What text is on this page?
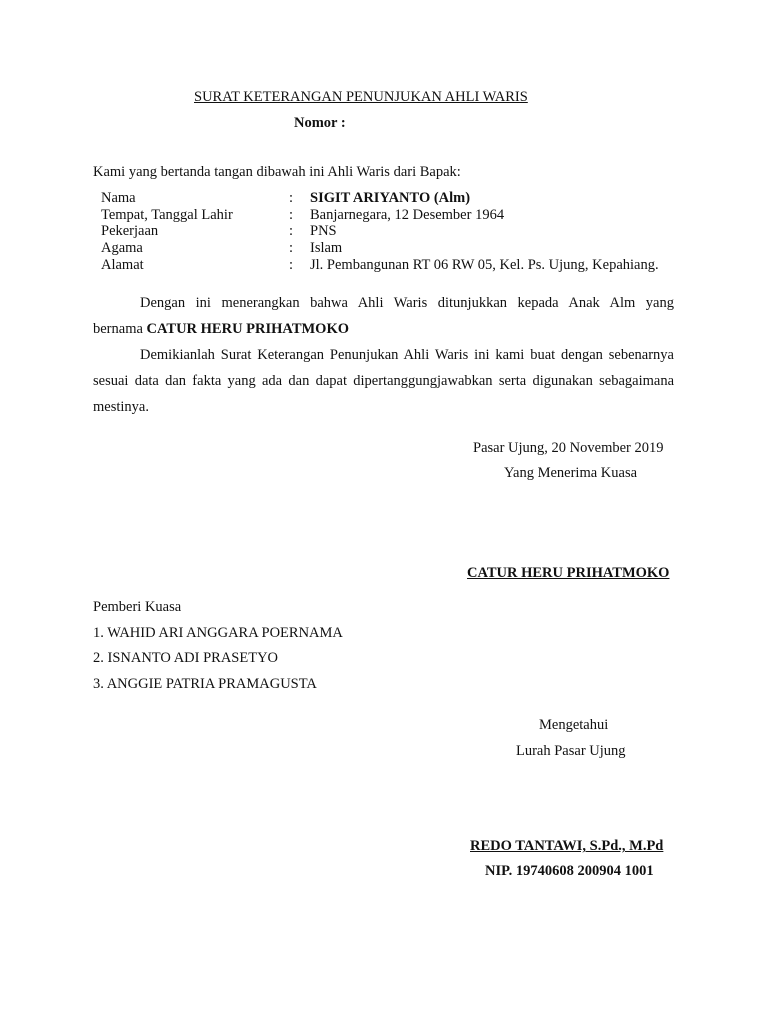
SURAT KETERANGAN PENUNJUKAN AHLI WARIS
Nomor :
Kami yang bertanda tangan dibawah ini Ahli Waris dari Bapak:
Nama	: SIGIT ARIYANTO (Alm)
Tempat, Tanggal Lahir	: Banjarnegara, 12 Desember 1964
Pekerjaan	: PNS
Agama	: Islam
Alamat	: Jl. Pembangunan RT 06 RW 05, Kel. Ps. Ujung, Kepahiang.

Dengan ini menerangkan bahwa Ahli Waris ditunjukkan kepada Anak Alm yang

bernama CATUR HERU PRIHATMOKO

Demikianlah Surat Keterangan Penunjukan Ahli Waris ini kami buat dengan sebenarnya sesuai data dan fakta yang ada dan dapat dipertanggungjawabkan serta digunakan sebagaimana mestinya.

Pasar Ujung, 20 November 2019
Yang Menerima Kuasa
CATUR HERU PRIHATMOKO
Pemberi Kuasa
1. WAHID ARI ANGGARA POERNAMA
2. ISNANTO ADI PRASETYO
3. ANGGIE PATRIA PRAMAGUSTA
Mengetahui
Lurah Pasar Ujung
REDO TANTAWI, S.Pd., M.Pd
NIP. 19740608 200904 1001
